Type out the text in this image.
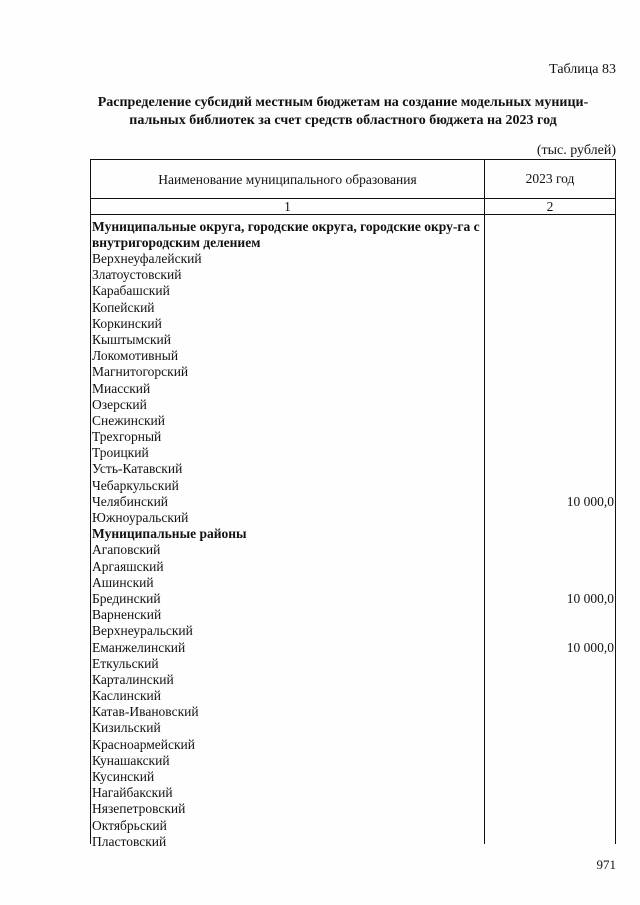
Таблица 83
Распределение субсидий местным бюджетам на создание модельных муници-пальных библиотек за счет средств областного бюджета на 2023 год
(тыс. рублей)
Наименование муниципального образования	2023 год
1	2
Муниципальные округа, городские округа, городские окру-га с внутригородским делением
Верхнеуфалейский
Златоустовский
Карабашский
Копейский
Коркинский
Кыштымский
Локомотивный
Магнитогорский
Миасский
Озерский
Снежинский
Трехгорный
Троицкий
Усть-Катавский
Чебаркульский
Челябинский	10 000,0
Южноуральский
Муниципальные районы
Агаповский
Аргаяшский
Ашинский
Брединский	10 000,0
Варненский
Верхнеуральский
Еманжелинский	10 000,0
Еткульский
Карталинский
Каслинский
Катав-Ивановский
Кизильский
Красноармейский
Кунашакский
Кусинский
Нагайбакский
Нязепетровский
Октябрьский
Пластовский
971
